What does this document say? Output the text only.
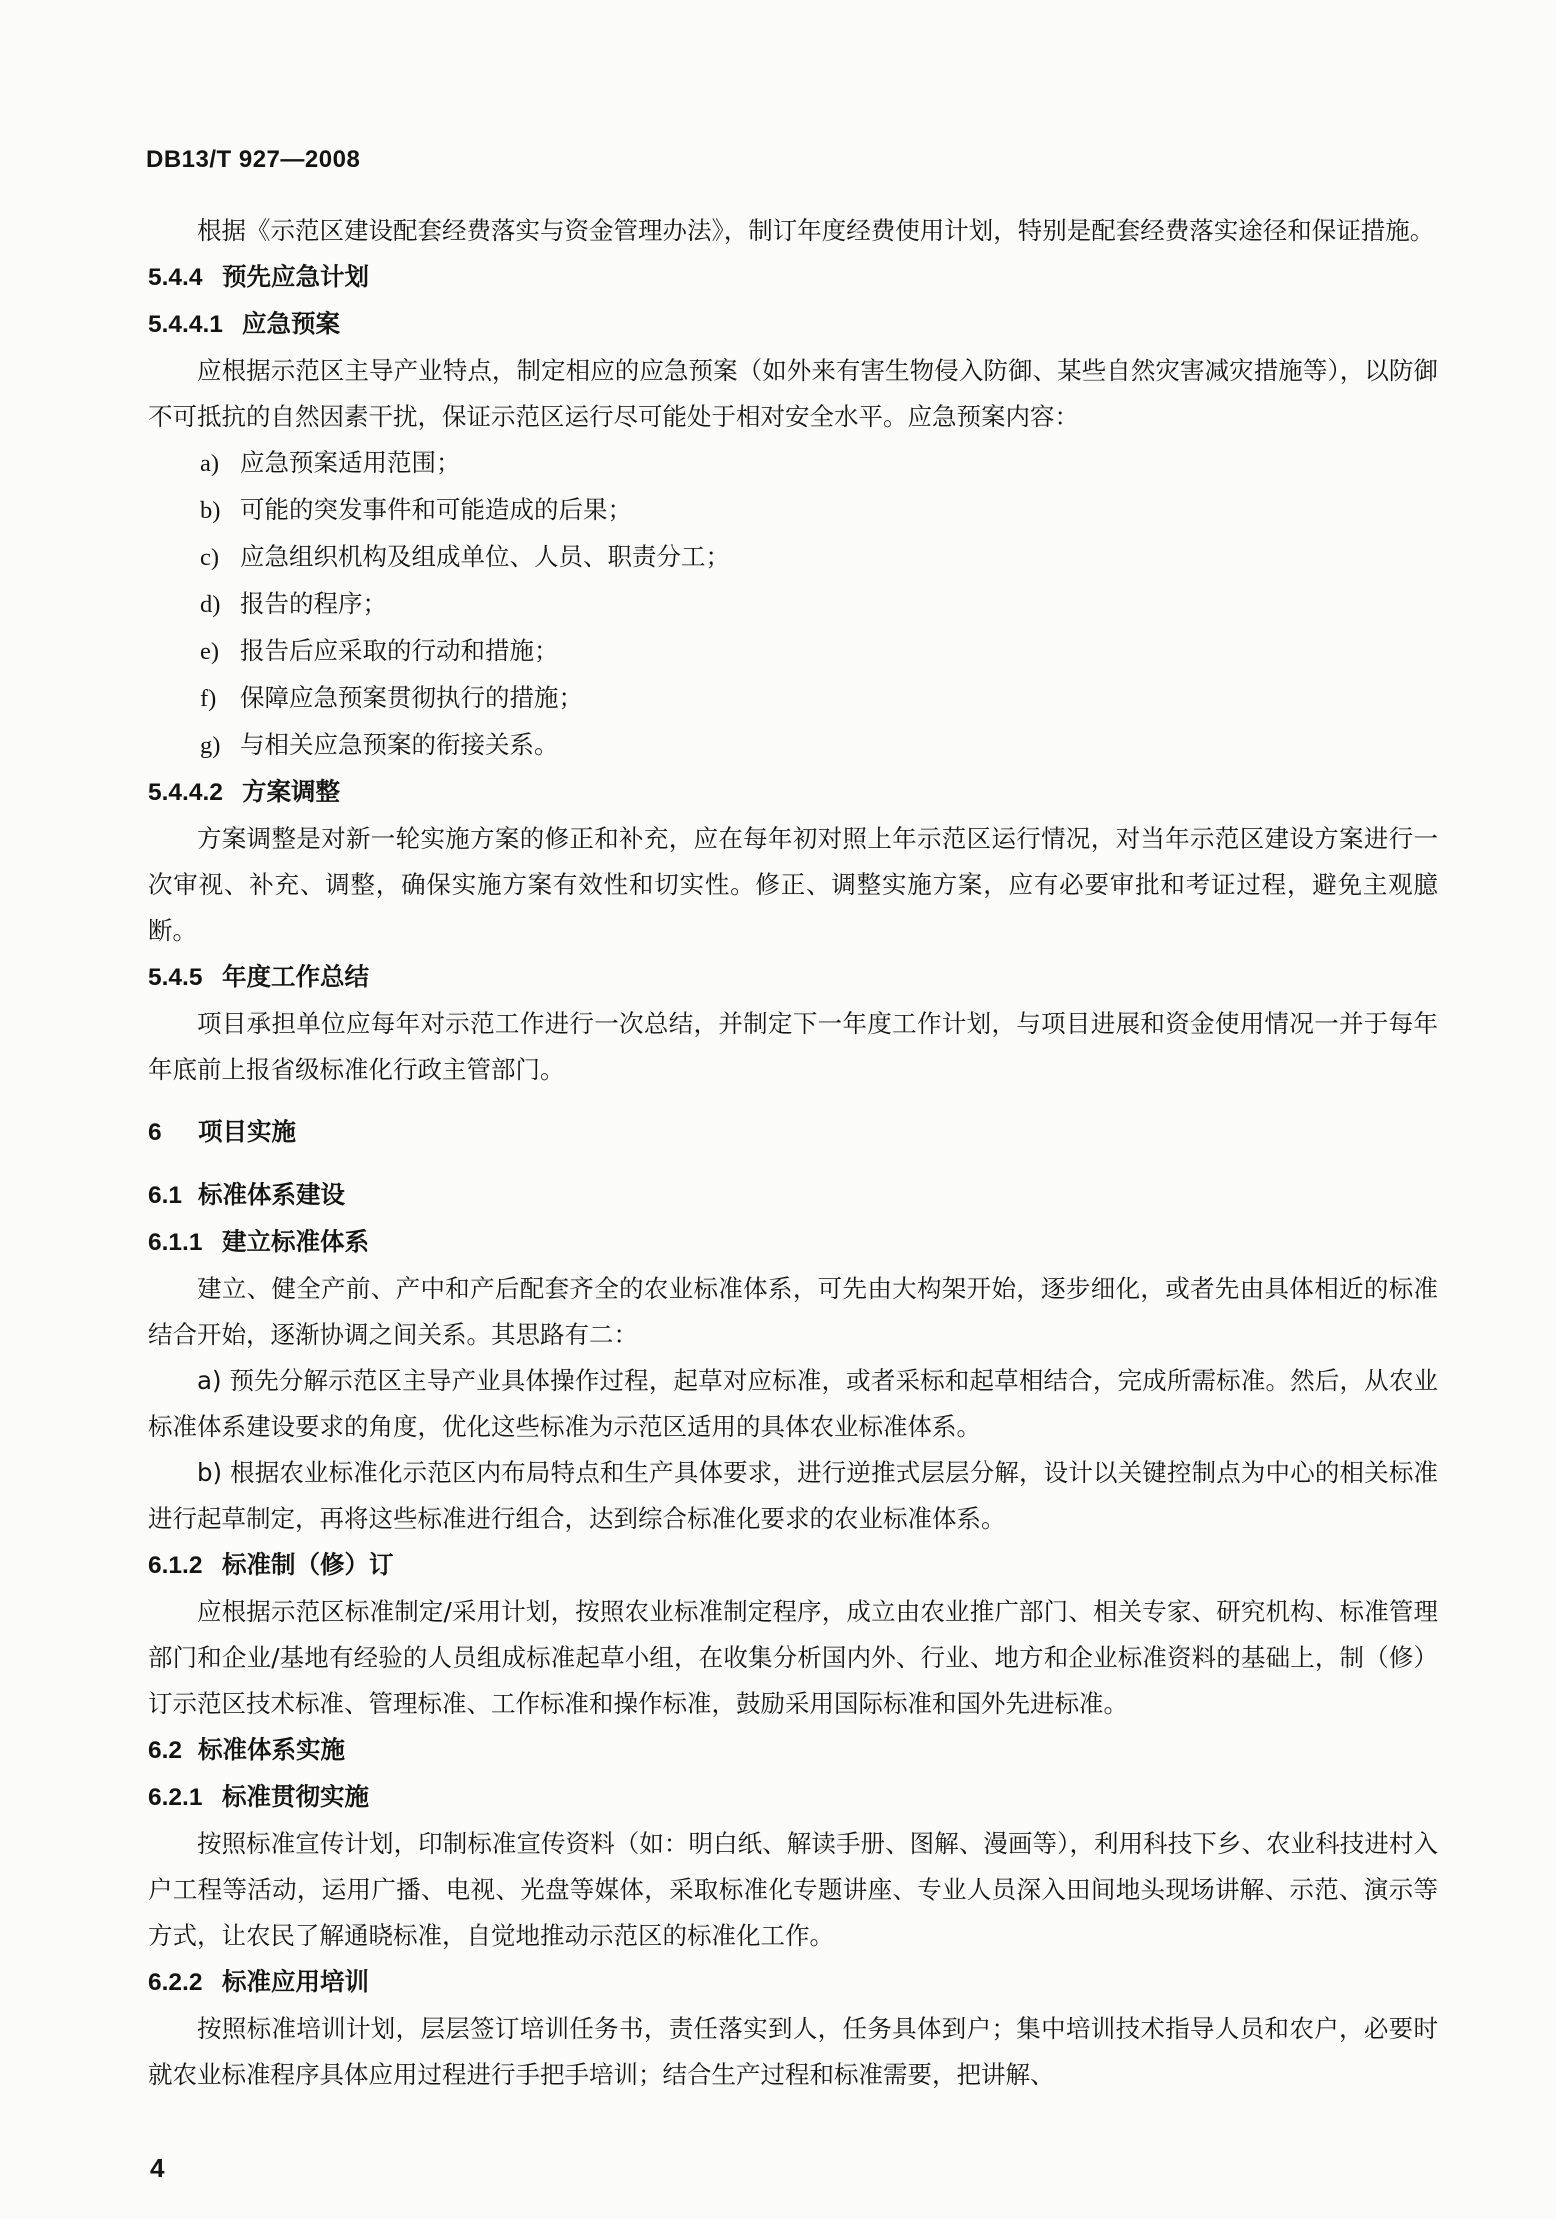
DB13/T 927—2008

根据《示范区建设配套经费落实与资金管理办法》，制订年度经费使用计划，特别是配套经费落实途径和保证措施。

5.4.4 预先应急计划
5.4.4.1 应急预案

应根据示范区主导产业特点，制定相应的应急预案（如外来有害生物侵入防御、某些自然灾害减灾措施等），以防御不可抵抗的自然因素干扰，保证示范区运行尽可能处于相对安全水平。应急预案内容：

a) 应急预案适用范围；

b) 可能的突发事件和可能造成的后果；

c) 应急组织机构及组成单位、人员、职责分工；

d) 报告的程序；

e) 报告后应采取的行动和措施；

f) 保障应急预案贯彻执行的措施；

g) 与相关应急预案的衔接关系。

5.4.4.2 方案调整

方案调整是对新一轮实施方案的修正和补充，应在每年初对照上年示范区运行情况，对当年示范区建设方案进行一次审视、补充、调整，确保实施方案有效性和切实性。修正、调整实施方案，应有必要审批和考证过程，避免主观臆断。

5.4.5 年度工作总结

项目承担单位应每年对示范工作进行一次总结，并制定下一年度工作计划，与项目进展和资金使用情况一并于每年年底前上报省级标准化行政主管部门。

6 项目实施
6.1 标准体系建设
6.1.1 建立标准体系

建立、健全产前、产中和产后配套齐全的农业标准体系，可先由大构架开始，逐步细化，或者先由具体相近的标准结合开始，逐渐协调之间关系。其思路有二：

a) 预先分解示范区主导产业具体操作过程，起草对应标准，或者采标和起草相结合，完成所需标准。然后，从农业标准体系建设要求的角度，优化这些标准为示范区适用的具体农业标准体系。

b) 根据农业标准化示范区内布局特点和生产具体要求，进行逆推式层层分解，设计以关键控制点为中心的相关标准进行起草制定，再将这些标准进行组合，达到综合标准化要求的农业标准体系。

6.1.2 标准制（修）订

应根据示范区标准制定/采用计划，按照农业标准制定程序，成立由农业推广部门、相关专家、研究机构、标准管理部门和企业/基地有经验的人员组成标准起草小组，在收集分析国内外、行业、地方和企业标准资料的基础上，制（修）订示范区技术标准、管理标准、工作标准和操作标准，鼓励采用国际标准和国外先进标准。

6.2 标准体系实施
6.2.1 标准贯彻实施

按照标准宣传计划，印制标准宣传资料（如：明白纸、解读手册、图解、漫画等），利用科技下乡、农业科技进村入户工程等活动，运用广播、电视、光盘等媒体，采取标准化专题讲座、专业人员深入田间地头现场讲解、示范、演示等方式，让农民了解通晓标准，自觉地推动示范区的标准化工作。

6.2.2 标准应用培训

按照标准培训计划，层层签订培训任务书，责任落实到人，任务具体到户；集中培训技术指导人员和农户，必要时就农业标准程序具体应用过程进行手把手培训；结合生产过程和标准需要，把讲解、

4
